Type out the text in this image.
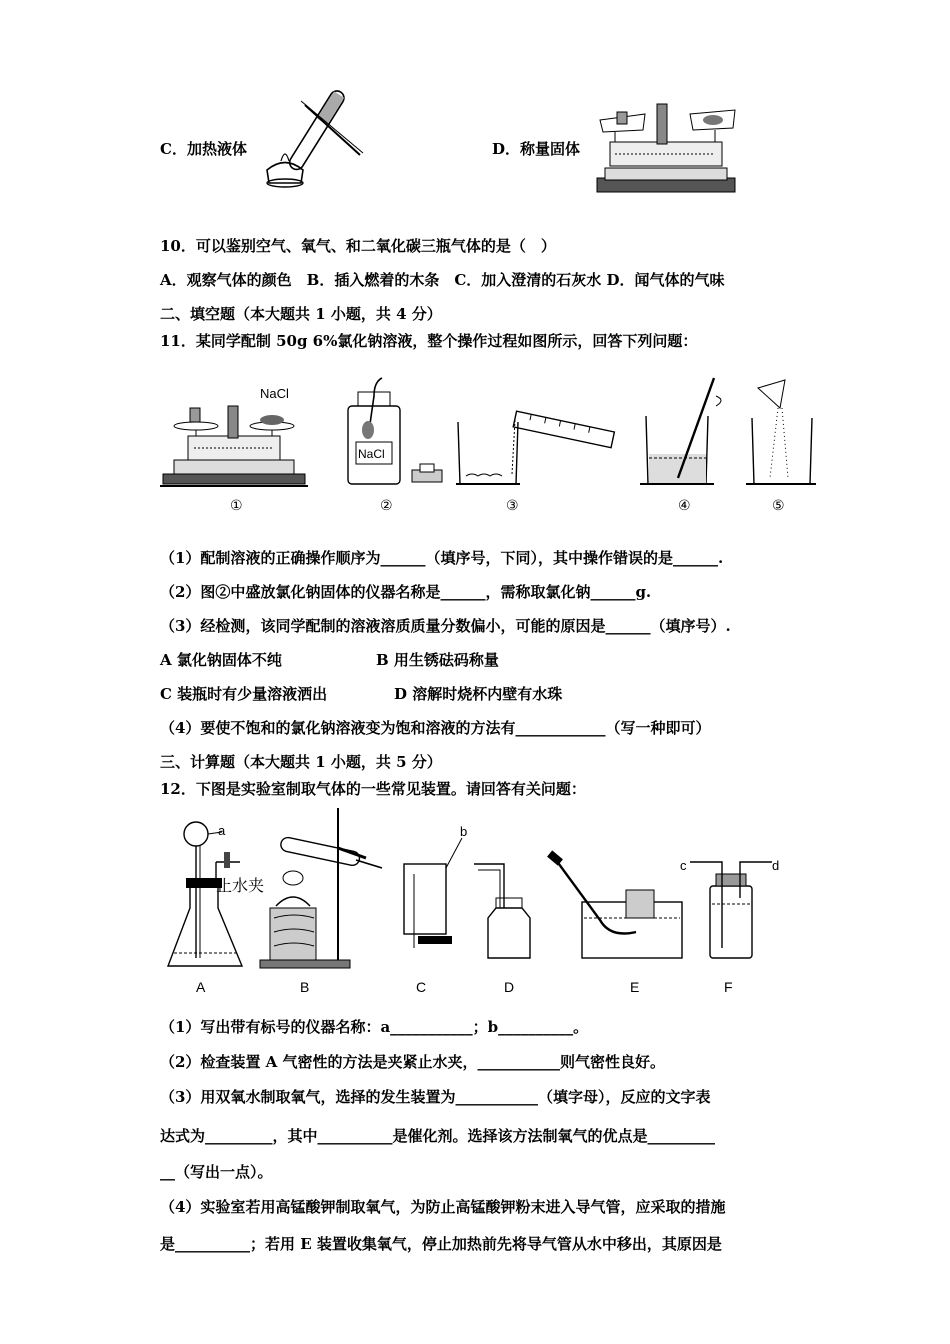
C．加热液体	D．称量固体
10．可以鉴别空气、氧气、和二氧化碳三瓶气体的是（　）
A．观察气体的颜色　B．插入燃着的木条　C．加入澄清的石灰水 D．闻气体的气味
二、填空题（本大题共 1 小题，共 4 分）
11．某同学配制 50g 6%氯化钠溶液，整个操作过程如图所示，回答下列问题：
NaCl
NaCl
①	②	③	④	⑤
（1）配制溶液的正确操作顺序为______（填序号，下同），其中操作错误的是______.
（2）图②中盛放氯化钠固体的仪器名称是______，需称取氯化钠______g.
（3）经检测，该同学配制的溶液溶质质量分数偏小，可能的原因是______（填序号）.
A 氯化钠固体不纯	B 用生锈砝码称量
C 装瓶时有少量溶液洒出	D 溶解时烧杯内壁有水珠
（4）要使不饱和的氯化钠溶液变为饱和溶液的方法有____________（写一种即可）
三、计算题（本大题共 1 小题，共 5 分）
12．下图是实验室制取气体的一些常见装置。请回答有关问题：
a
止水夹
b
c	d
A	B	C	D	E	F
（1）写出带有标号的仪器名称：a___________；b__________。
（2）检查装置 A 气密性的方法是夹紧止水夹，___________则气密性良好。
（3）用双氧水制取氧气，选择的发生装置为___________（填字母），反应的文字表
达式为_________，其中__________是催化剂。选择该方法制氧气的优点是_________
__（写出一点）。
（4）实验室若用高锰酸钾制取氧气，为防止高锰酸钾粉末进入导气管，应采取的措施
是__________；若用 E 装置收集氧气，停止加热前先将导气管从水中移出，其原因是
